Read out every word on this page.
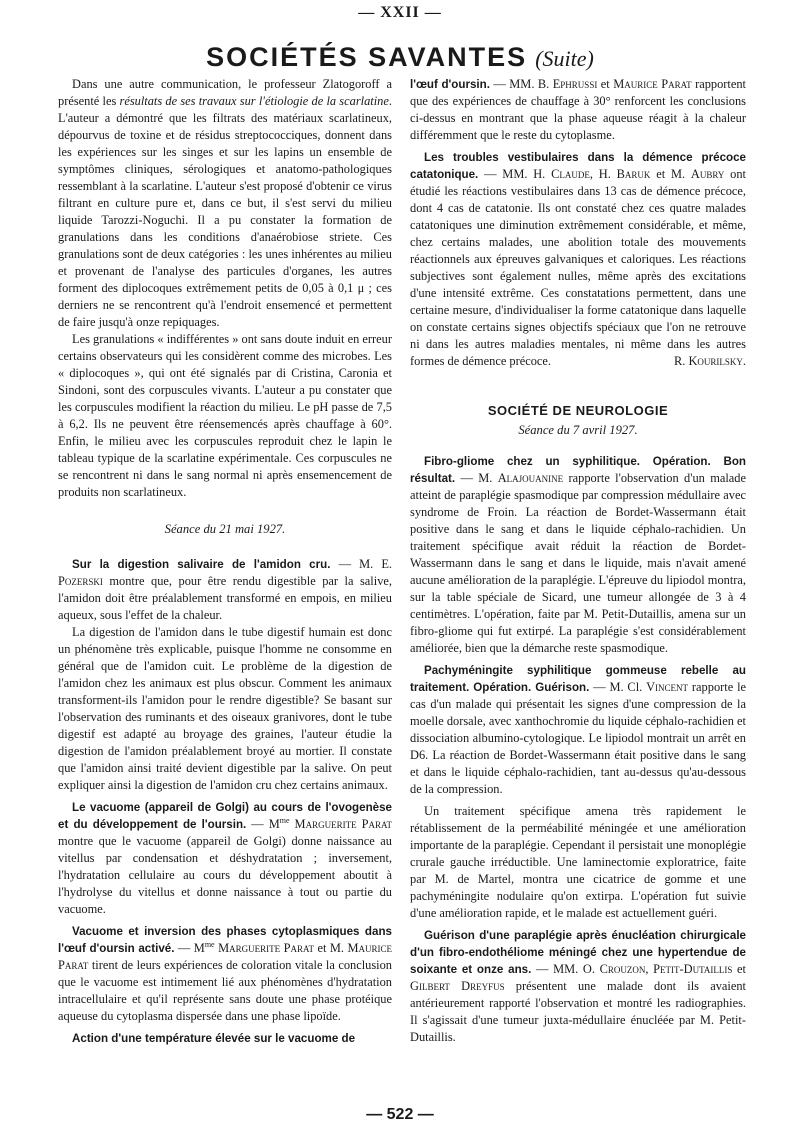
— XXII —
SOCIÉTÉS SAVANTES (Suite)

Dans une autre communication, le professeur Zlatogoroff a présenté les résultats de ses travaux sur l'étiologie de la scarlatine. L'auteur a démontré que les filtrats des matériaux scarlatineux, dépourvus de toxine et de résidus streptococciques, donnent dans les expériences sur les singes et sur les lapins un ensemble de symptômes cliniques, sérologiques et anatomo-pathologiques ressemblant à la scarlatine. L'auteur s'est proposé d'obtenir ce virus filtrant en culture pure et, dans ce but, il s'est servi du milieu liquide Tarozzi-Noguchi. Il a pu constater la formation de granulations dans les conditions d'anaérobiose striete. Ces granulations sont de deux catégories : les unes inhérentes au milieu et provenant de l'analyse des particules d'organes, les autres forment des diplocoques extrêmement petits de 0,05 à 0,1 μ ; ces derniers ne se rencontrent qu'à l'endroit ensemencé et permettent de faire jusqu'à onze repiquages.

Les granulations « indifférentes » ont sans doute induit en erreur certains observateurs qui les considèrent comme des microbes. Les « diplocoques », qui ont été signalés par di Cristina, Caronia et Sindoni, sont des corpuscules vivants. L'auteur a pu constater que les corpuscules modifient la réaction du milieu. Le pH passe de 7,5 à 6,2. Ils ne peuvent être réensemencés après chauffage à 60°. Enfin, le milieu avec les corpuscules reproduit chez le lapin le tableau typique de la scarlatine expérimentale. Ces corpuscules ne se rencontrent ni dans le sang normal ni après ensemencement de produits non scarlatineux.

Séance du 21 mai 1927.

Sur la digestion salivaire de l'amidon cru. — M. E. Pozerski montre que, pour être rendu digestible par la salive, l'amidon doit être préalablement transformé en empois, en milieu aqueux, sous l'effet de la chaleur.

La digestion de l'amidon dans le tube digestif humain est donc un phénomène très explicable, puisque l'homme ne consomme en général que de l'amidon cuit. Le problème de la digestion de l'amidon chez les animaux est plus obscur. Comment les animaux transforment-ils l'amidon pour le rendre digestible? Se basant sur l'observation des ruminants et des oiseaux granivores, dont le tube digestif est adapté au broyage des graines, l'auteur étudie la digestion de l'amidon préalablement broyé au mortier. Il constate que l'amidon ainsi traité devient digestible par la salive. On peut expliquer ainsi la digestion de l'amidon cru chez certains animaux.

Le vacuome (appareil de Golgi) au cours de l'ovogenèse et du développement de l'oursin. — $M^{me}$ Marguerite Parat montre que le vacuome (appareil de Golgi) donne naissance au vitellus par condensation et déshydratation ; inversement, l'hydratation cellulaire au cours du développement aboutit à l'hydrolyse du vitellus et donne naissance à tout ou partie du vacuome.

Vacuome et inversion des phases cytoplasmiques dans l'œuf d'oursin activé. — $M^{me}$ Marguerite Parat et M. Maurice Parat tirent de leurs expériences de coloration vitale la conclusion que le vacuome est intimement lié aux phénomènes d'hydratation intracellulaire et qu'il représente sans doute une phase protéique aqueuse du cytoplasma dispersée dans une phase lipoïde.

Action d'une température élevée sur le vacuome de

l'œuf d'oursin. — MM. B. Ephrussi et Maurice Parat rapportent que des expériences de chauffage à 30° renforcent les conclusions ci-dessus en montrant que la phase aqueuse réagit à la chaleur différemment que le reste du cytoplasme.

Les troubles vestibulaires dans la démence précoce catatonique. — MM. H. Claude, H. Baruk et M. Aubry ont étudié les réactions vestibulaires dans 13 cas de démence précoce, dont 4 cas de catatonie. Ils ont constaté chez ces quatre malades catatoniques une diminution extrêmement considérable, et même, chez certains malades, une abolition totale des mouvements réactionnels aux épreuves galvaniques et caloriques. Les réactions subjectives sont également nulles, même après des excitations d'une intensité extrême. Ces constatations permettent, dans une certaine mesure, d'individualiser la forme catatonique dans laquelle on constate certains signes objectifs spéciaux que l'on ne retrouve ni dans les autres maladies mentales, ni même dans les autres formes de démence précoce.	R. Kourilsky.

SOCIÉTÉ DE NEUROLOGIE
Séance du 7 avril 1927.

Fibro-gliome chez un syphilitique. Opération. Bon résultat. — M. Alajouanine rapporte l'observation d'un malade atteint de paraplégie spasmodique par compression médullaire avec syndrome de Froin. La réaction de Bordet-Wassermann était positive dans le sang et dans le liquide céphalo-rachidien. Un traitement spécifique avait réduit la réaction de Bordet-Wassermann dans le sang et dans le liquide, mais n'avait amené aucune amélioration de la paraplégie. L'épreuve du lipiodol montra, sur la table spéciale de Sicard, une tumeur allongée de 3 à 4 centimètres. L'opération, faite par M. Petit-Dutaillis, amena sur un fibro-gliome qui fut extirpé. La paraplégie s'est considérablement améliorée, bien que la démarche reste spasmodique.

Pachyméningite syphilitique gommeuse rebelle au traitement. Opération. Guérison. — M. Cl. Vincent rapporte le cas d'un malade qui présentait les signes d'une compression de la moelle dorsale, avec xanthochromie du liquide céphalo-rachidien et dissociation albumino-cytologique. Le lipiodol montrait un arrêt en D6. La réaction de Bordet-Wassermann était positive dans le sang et dans le liquide céphalo-rachidien, tant au-dessus qu'au-dessous de la compression.

Un traitement spécifique amena très rapidement le rétablissement de la perméabilité méningée et une amélioration importante de la paraplégie. Cependant il persistait une monoplégie crurale gauche irréductible. Une laminectomie exploratrice, faite par M. de Martel, montra une cicatrice de gomme et une pachyméningite nodulaire qu'on extirpa. L'opération fut suivie d'une amélioration rapide, et le malade est actuellement guéri.

Guérison d'une paraplégie après énucléation chirurgicale d'un fibro-endothéliome méningé chez une hypertendue de soixante et onze ans. — MM. O. Crouzon, Petit-Dutaillis et Gilbert Dreyfus présentent une malade dont ils avaient antérieurement rapporté l'observation et montré les radiographies. Il s'agissait d'une tumeur juxta-médullaire énucléée par M. Petit-Dutaillis.

— 522 —
